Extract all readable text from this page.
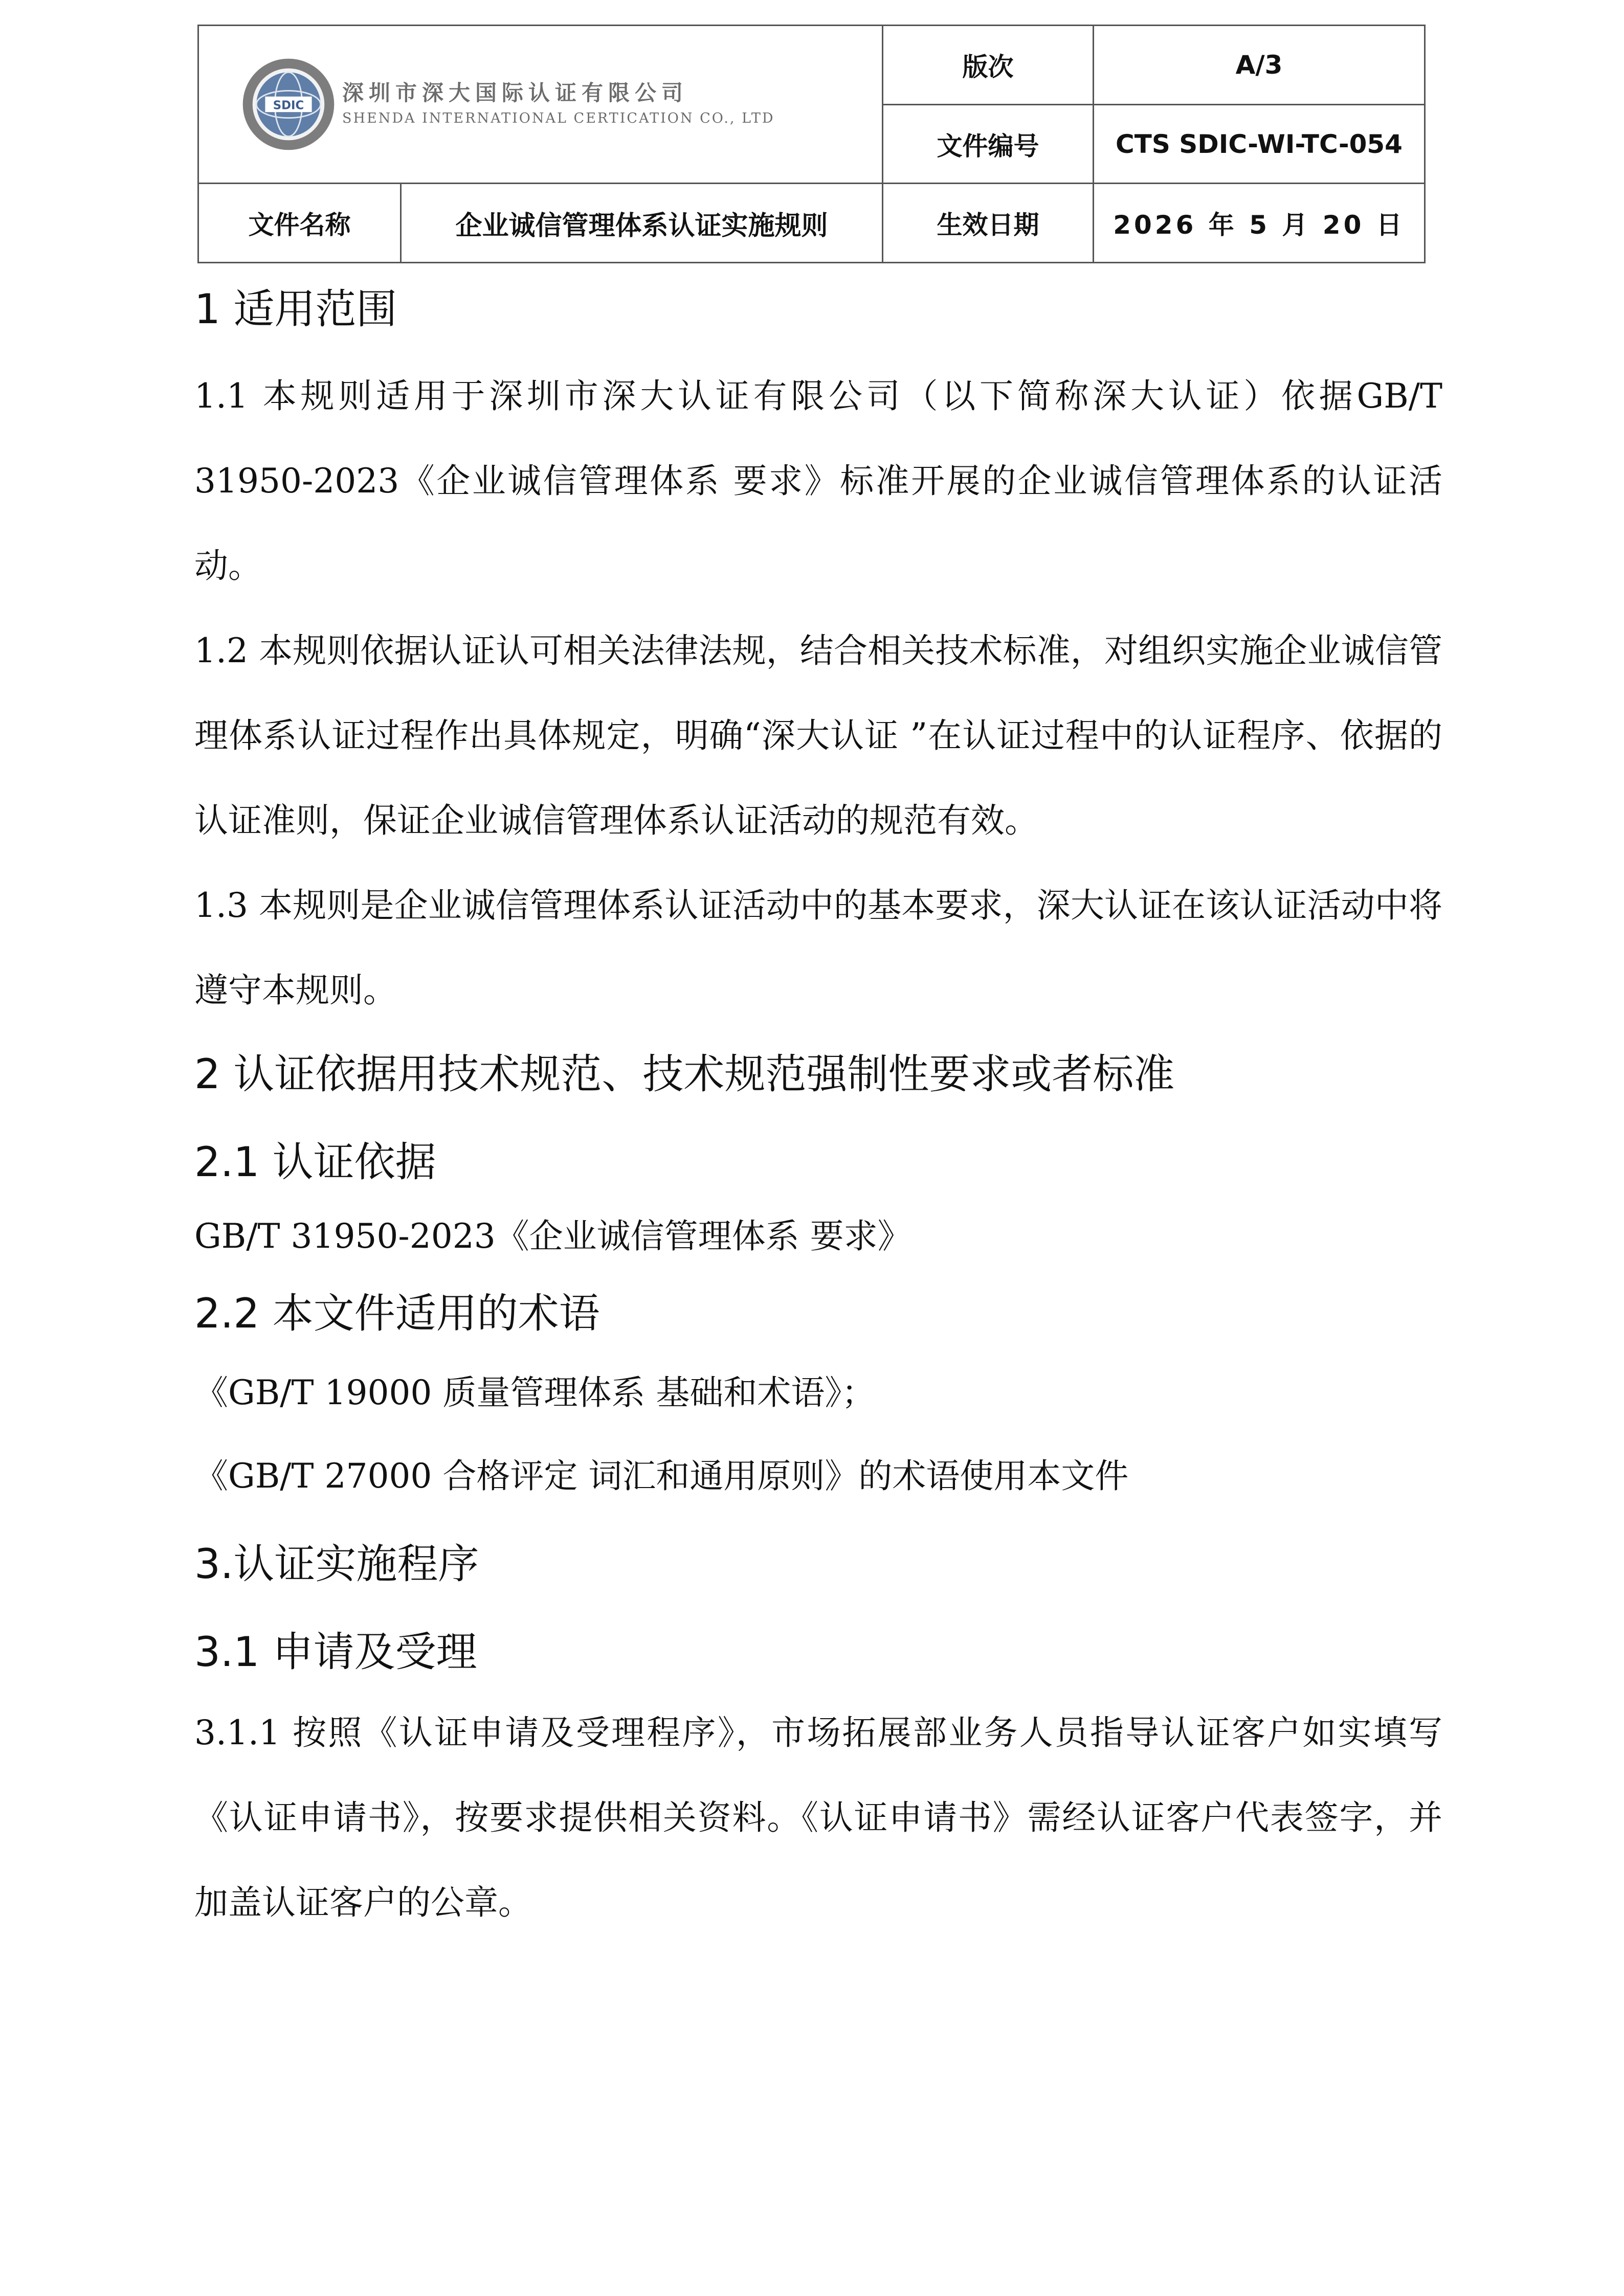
SDIC
深圳市深大国际认证有限公司
SHENDA INTERNATIONAL CERTICATION CO., LTD		版次	A/3
		文件编号	CTS SDIC-WI-TC-054
文件名称	企业诚信管理体系认证实施规则	生效日期	2026 年 5 月 20 日
1 适用范围

1.1 本规则适用于深圳市深大认证有限公司（以下简称深大认证）依据GB/T 31950-2023《企业诚信管理体系 要求》标准开展的企业诚信管理体系的认证活动。

1.2 本规则依据认证认可相关法律法规，结合相关技术标准，对组织实施企业诚信管理体系认证过程作出具体规定，明确“深大认证 ”在认证过程中的认证程序、依据的认证准则，保证企业诚信管理体系认证活动的规范有效。

1.3 本规则是企业诚信管理体系认证活动中的基本要求，深大认证在该认证活动中将遵守本规则。

2 认证依据用技术规范、技术规范强制性要求或者标准
2.1 认证依据

GB/T 31950-2023《企业诚信管理体系 要求》

2.2 本文件适用的术语

《GB/T 19000 质量管理体系 基础和术语》；

《GB/T 27000 合格评定 词汇和通用原则》的术语使用本文件

3.认证实施程序
3.1 申请及受理

3.1.1 按照《认证申请及受理程序》，市场拓展部业务人员指导认证客户如实填写《认证申请书》，按要求提供相关资料。《认证申请书》需经认证客户代表签字，并加盖认证客户的公章。
